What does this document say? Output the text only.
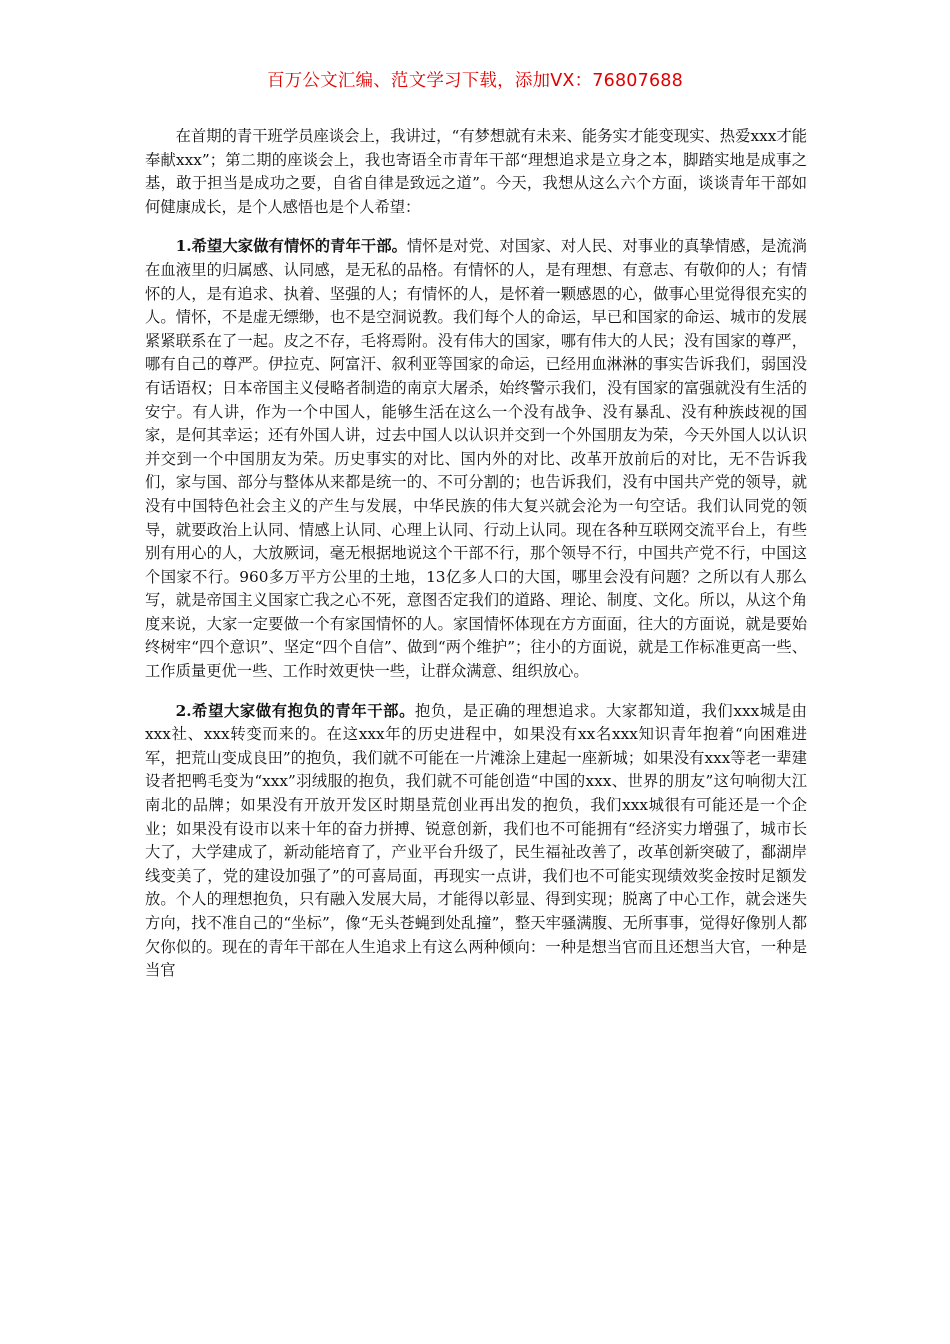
百万公文汇编、范文学习下载，添加VX：76807688

在首期的青干班学员座谈会上，我讲过，“有梦想就有未来、能务实才能变现实、热爱xxx才能奉献xxx”；第二期的座谈会上，我也寄语全市青年干部“理想追求是立身之本，脚踏实地是成事之基，敢于担当是成功之要，自省自律是致远之道”。今天，我想从这么六个方面，谈谈青年干部如何健康成长，是个人感悟也是个人希望：

1.希望大家做有情怀的青年干部。情怀是对党、对国家、对人民、对事业的真挚情感，是流淌在血液里的归属感、认同感，是无私的品格。有情怀的人，是有理想、有意志、有敬仰的人；有情怀的人，是有追求、执着、坚强的人；有情怀的人，是怀着一颗感恩的心，做事心里觉得很充实的人。情怀，不是虚无缥缈，也不是空洞说教。我们每个人的命运，早已和国家的命运、城市的发展紧紧联系在了一起。皮之不存，毛将焉附。没有伟大的国家，哪有伟大的人民；没有国家的尊严，哪有自己的尊严。伊拉克、阿富汗、叙利亚等国家的命运，已经用血淋淋的事实告诉我们，弱国没有话语权；日本帝国主义侵略者制造的南京大屠杀，始终警示我们，没有国家的富强就没有生活的安宁。有人讲，作为一个中国人，能够生活在这么一个没有战争、没有暴乱、没有种族歧视的国家，是何其幸运；还有外国人讲，过去中国人以认识并交到一个外国朋友为荣，今天外国人以认识并交到一个中国朋友为荣。历史事实的对比、国内外的对比、改革开放前后的对比，无不告诉我们，家与国、部分与整体从来都是统一的、不可分割的；也告诉我们，没有中国共产党的领导，就没有中国特色社会主义的产生与发展，中华民族的伟大复兴就会沦为一句空话。我们认同党的领导，就要政治上认同、情感上认同、心理上认同、行动上认同。现在各种互联网交流平台上，有些别有用心的人，大放厥词，毫无根据地说这个干部不行，那个领导不行，中国共产党不行，中国这个国家不行。960多万平方公里的土地，13亿多人口的大国，哪里会没有问题？之所以有人那么写，就是帝国主义国家亡我之心不死，意图否定我们的道路、理论、制度、文化。所以，从这个角度来说，大家一定要做一个有家国情怀的人。家国情怀体现在方方面面，往大的方面说，就是要始终树牢“四个意识”、坚定“四个自信”、做到“两个维护”；往小的方面说，就是工作标准更高一些、工作质量更优一些、工作时效更快一些，让群众满意、组织放心。

2.希望大家做有抱负的青年干部。抱负，是正确的理想追求。大家都知道，我们xxx城是由xxx社、xxx转变而来的。在这xxx年的历史进程中，如果没有xx名xxx知识青年抱着“向困难进军，把荒山变成良田”的抱负，我们就不可能在一片滩涂上建起一座新城；如果没有xxx等老一辈建设者把鸭毛变为“xxx”羽绒服的抱负，我们就不可能创造“中国的xxx、世界的朋友”这句响彻大江南北的品牌；如果没有开放开发区时期垦荒创业再出发的抱负，我们xxx城很有可能还是一个企业；如果没有设市以来十年的奋力拼搏、锐意创新，我们也不可能拥有“经济实力增强了，城市长大了，大学建成了，新动能培育了，产业平台升级了，民生福祉改善了，改革创新突破了，鄱湖岸线变美了，党的建设加强了”的可喜局面，再现实一点讲，我们也不可能实现绩效奖金按时足额发放。个人的理想抱负，只有融入发展大局，才能得以彰显、得到实现；脱离了中心工作，就会迷失方向，找不准自己的“坐标”，像“无头苍蝇到处乱撞”，整天牢骚满腹、无所事事，觉得好像别人都欠你似的。现在的青年干部在人生追求上有这么两种倾向：一种是想当官而且还想当大官，一种是当官
